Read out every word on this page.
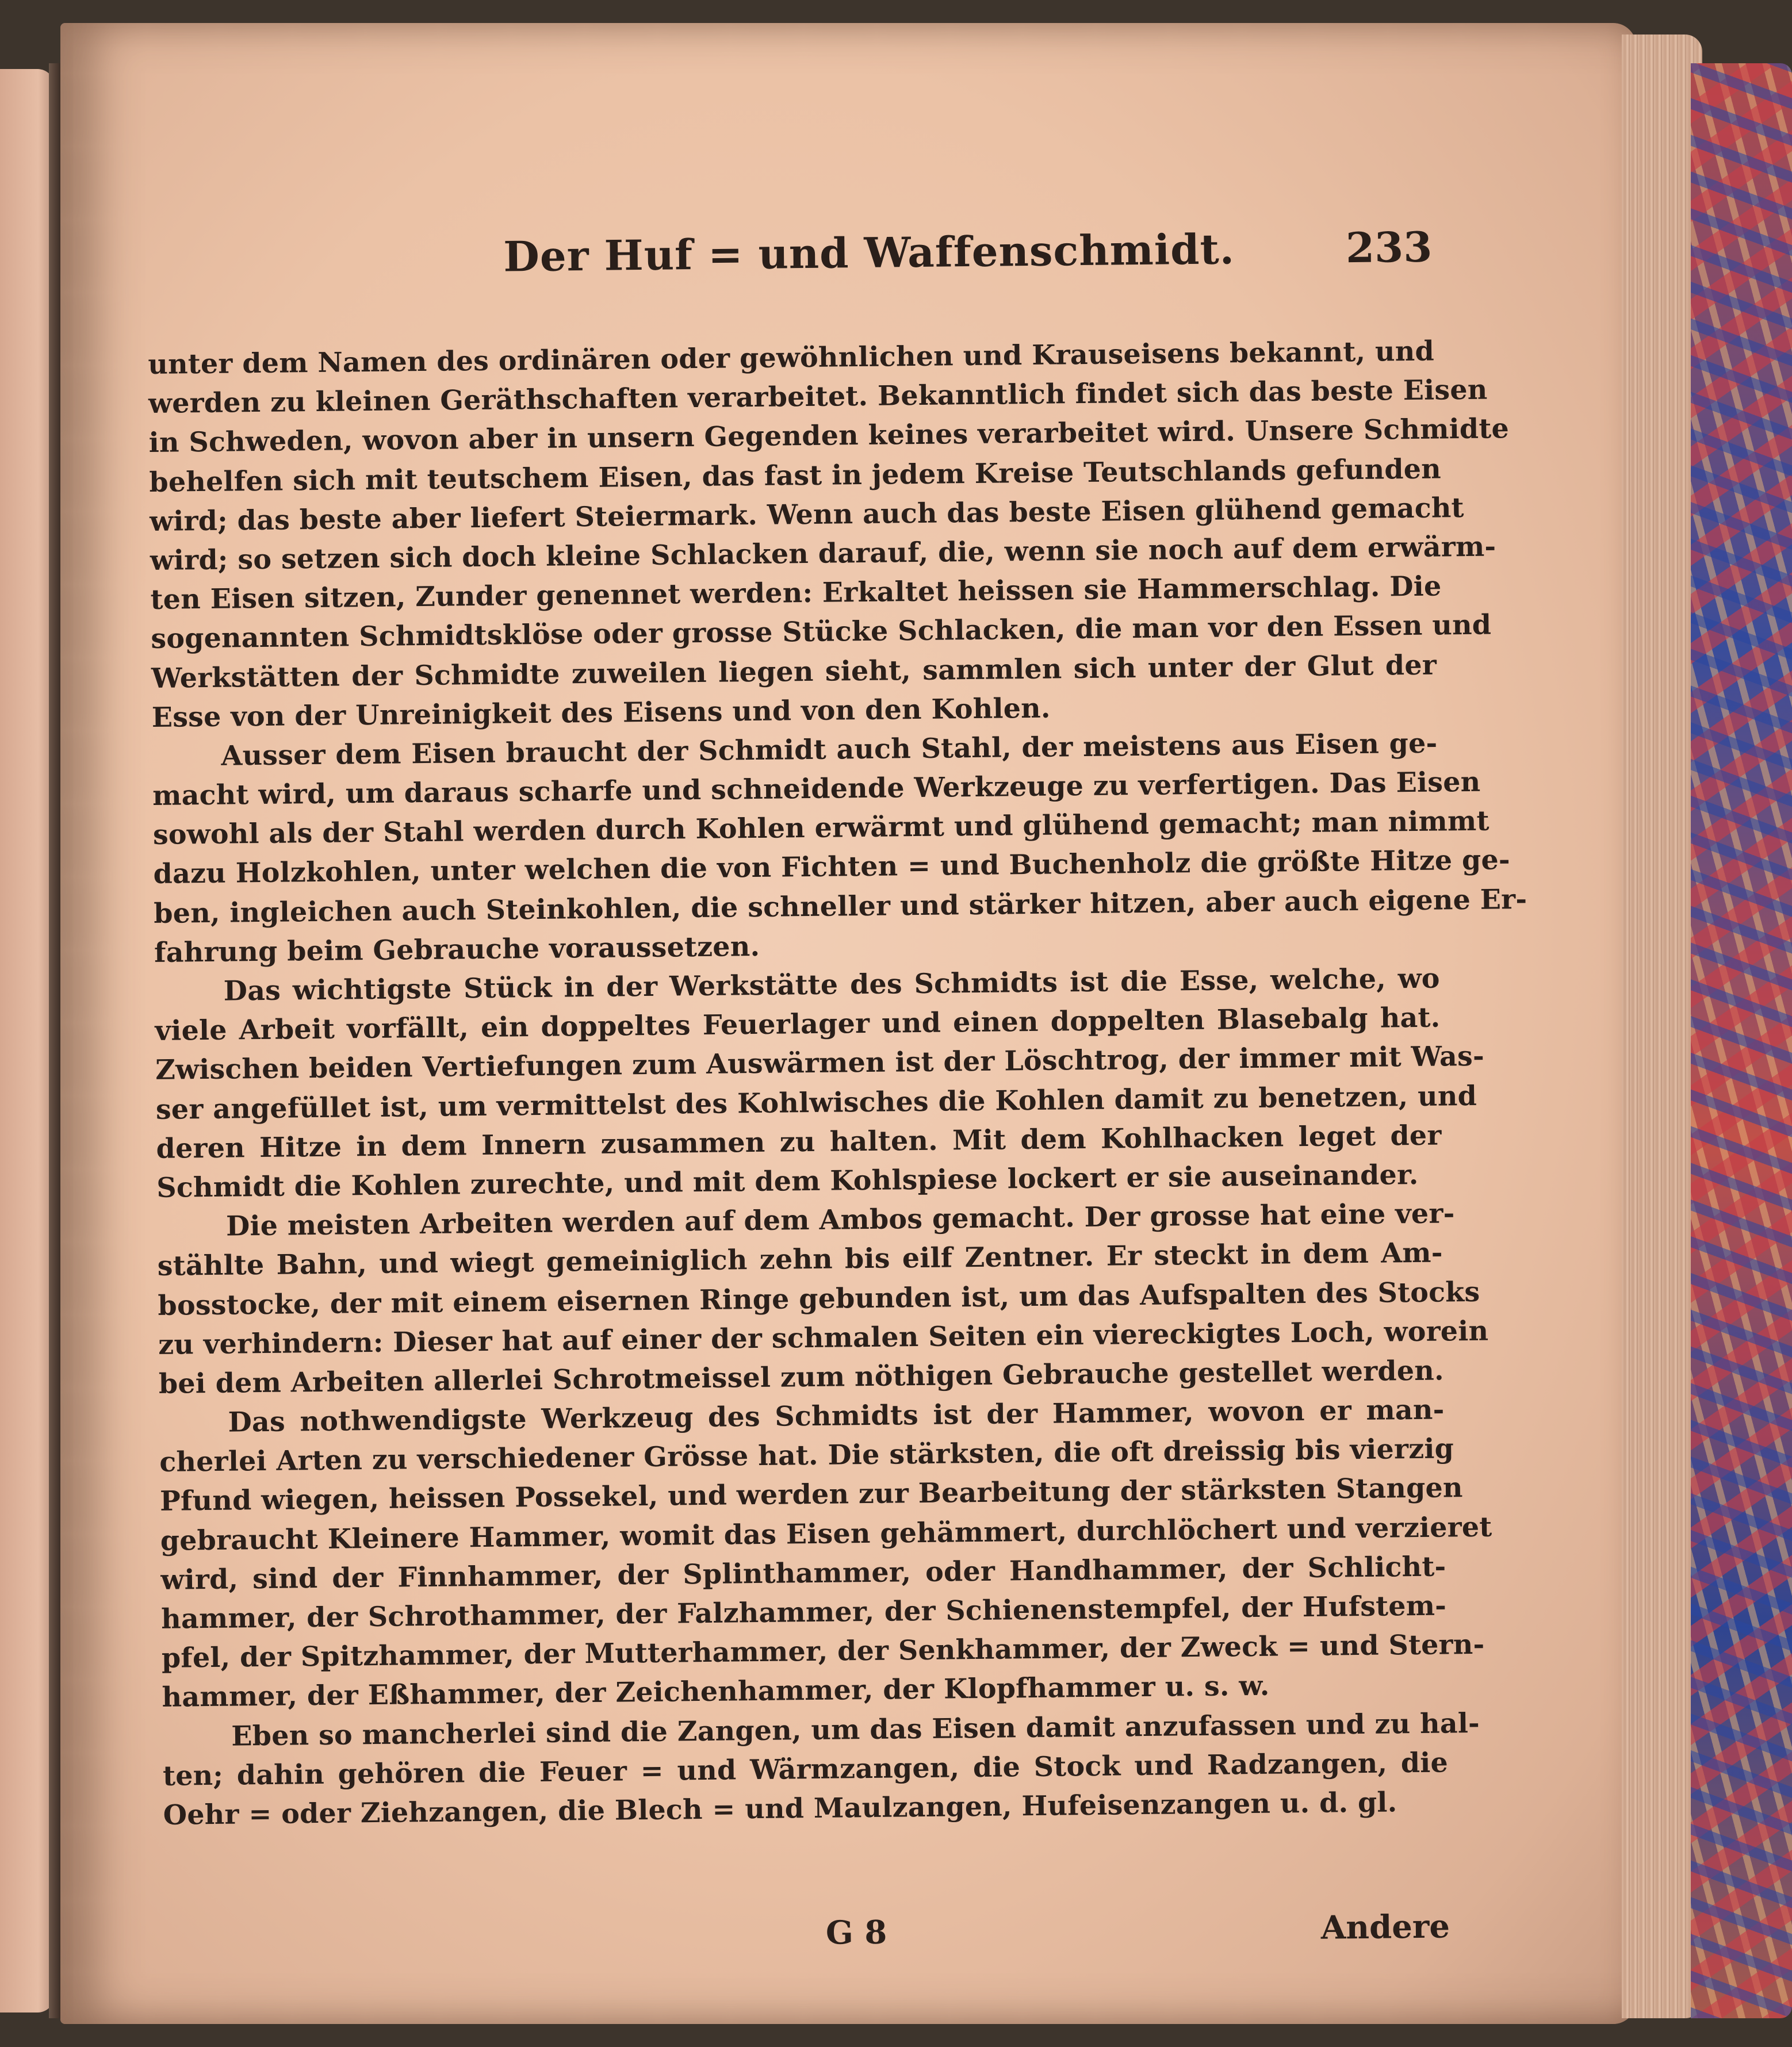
Der Huf = und Waffenschmidt.	233
unter dem Namen des ordinären oder gewöhnlichen und Krauseisens bekannt, und
werden zu kleinen Geräthschaften verarbeitet. Bekanntlich findet sich das beste Eisen
in Schweden, wovon aber in unsern Gegenden keines verarbeitet wird. Unsere Schmidte
behelfen sich mit teutschem Eisen, das fast in jedem Kreise Teutschlands gefunden
wird; das beste aber liefert Steiermark. Wenn auch das beste Eisen glühend gemacht
wird; so setzen sich doch kleine Schlacken darauf, die, wenn sie noch auf dem erwärm-
ten Eisen sitzen, Zunder genennet werden: Erkaltet heissen sie Hammerschlag. Die
sogenannten Schmidtsklöse oder grosse Stücke Schlacken, die man vor den Essen und
Werkstätten der Schmidte zuweilen liegen sieht, sammlen sich unter der Glut der
Esse von der Unreinigkeit des Eisens und von den Kohlen.
Ausser dem Eisen braucht der Schmidt auch Stahl, der meistens aus Eisen ge-
macht wird, um daraus scharfe und schneidende Werkzeuge zu verfertigen. Das Eisen
sowohl als der Stahl werden durch Kohlen erwärmt und glühend gemacht; man nimmt
dazu Holzkohlen, unter welchen die von Fichten = und Buchenholz die größte Hitze ge-
ben, ingleichen auch Steinkohlen, die schneller und stärker hitzen, aber auch eigene Er-
fahrung beim Gebrauche voraussetzen.
Das wichtigste Stück in der Werkstätte des Schmidts ist die Esse, welche, wo
viele Arbeit vorfällt, ein doppeltes Feuerlager und einen doppelten Blasebalg hat.
Zwischen beiden Vertiefungen zum Auswärmen ist der Löschtrog, der immer mit Was-
ser angefüllet ist, um vermittelst des Kohlwisches die Kohlen damit zu benetzen, und
deren Hitze in dem Innern zusammen zu halten. Mit dem Kohlhacken leget der
Schmidt die Kohlen zurechte, und mit dem Kohlspiese lockert er sie auseinander.
Die meisten Arbeiten werden auf dem Ambos gemacht. Der grosse hat eine ver-
stählte Bahn, und wiegt gemeiniglich zehn bis eilf Zentner. Er steckt in dem Am-
bosstocke, der mit einem eisernen Ringe gebunden ist, um das Aufspalten des Stocks
zu verhindern: Dieser hat auf einer der schmalen Seiten ein viereckigtes Loch, worein
bei dem Arbeiten allerlei Schrotmeissel zum nöthigen Gebrauche gestellet werden.
Das nothwendigste Werkzeug des Schmidts ist der Hammer, wovon er man-
cherlei Arten zu verschiedener Grösse hat. Die stärksten, die oft dreissig bis vierzig
Pfund wiegen, heissen Possekel, und werden zur Bearbeitung der stärksten Stangen
gebraucht Kleinere Hammer, womit das Eisen gehämmert, durchlöchert und verzieret
wird, sind der Finnhammer, der Splinthammer, oder Handhammer, der Schlicht-
hammer, der Schrothammer, der Falzhammer, der Schienenstempfel, der Hufstem-
pfel, der Spitzhammer, der Mutterhammer, der Senkhammer, der Zweck = und Stern-
hammer, der Eßhammer, der Zeichenhammer, der Klopfhammer u. s. w.
Eben so mancherlei sind die Zangen, um das Eisen damit anzufassen und zu hal-
ten; dahin gehören die Feuer = und Wärmzangen, die Stock und Radzangen, die
Oehr = oder Ziehzangen, die Blech = und Maulzangen, Hufeisenzangen u. d. gl.
G 8	Andere
